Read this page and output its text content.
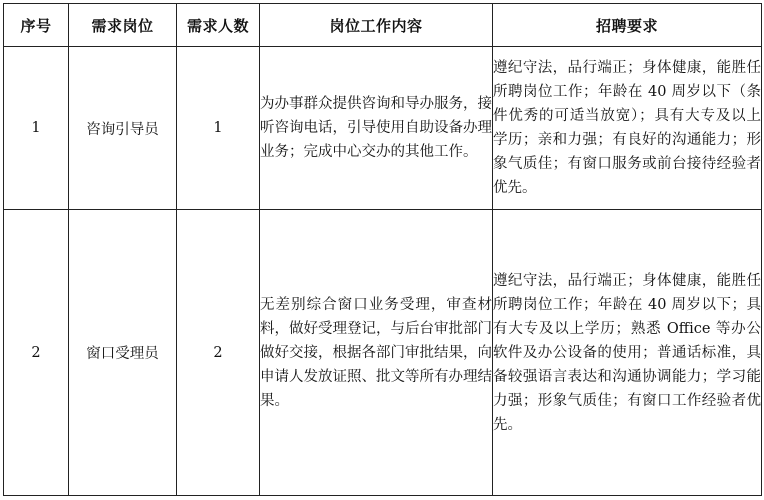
序号	需求岗位	需求人数	岗位工作内容	招聘要求
1	咨询引导员	1	为办事群众提供咨询和导办服务，接听咨询电话，引导使用自助设备办理业务；完成中心交办的其他工作。	遵纪守法，品行端正；身体健康，能胜任所聘岗位工作；年龄在 40 周岁以下（条件优秀的可适当放宽）；具有大专及以上学历；亲和力强；有良好的沟通能力；形象气质佳；有窗口服务或前台接待经验者优先。
2	窗口受理员	2	无差别综合窗口业务受理，审查材料，做好受理登记，与后台审批部门做好交接，根据各部门审批结果，向申请人发放证照、批文等所有办理结果。	遵纪守法，品行端正；身体健康，能胜任所聘岗位工作；年龄在 40 周岁以下；具有大专及以上学历；熟悉 Office 等办公软件及办公设备的使用；普通话标准，具备较强语言表达和沟通协调能力；学习能力强；形象气质佳；有窗口工作经验者优先。
